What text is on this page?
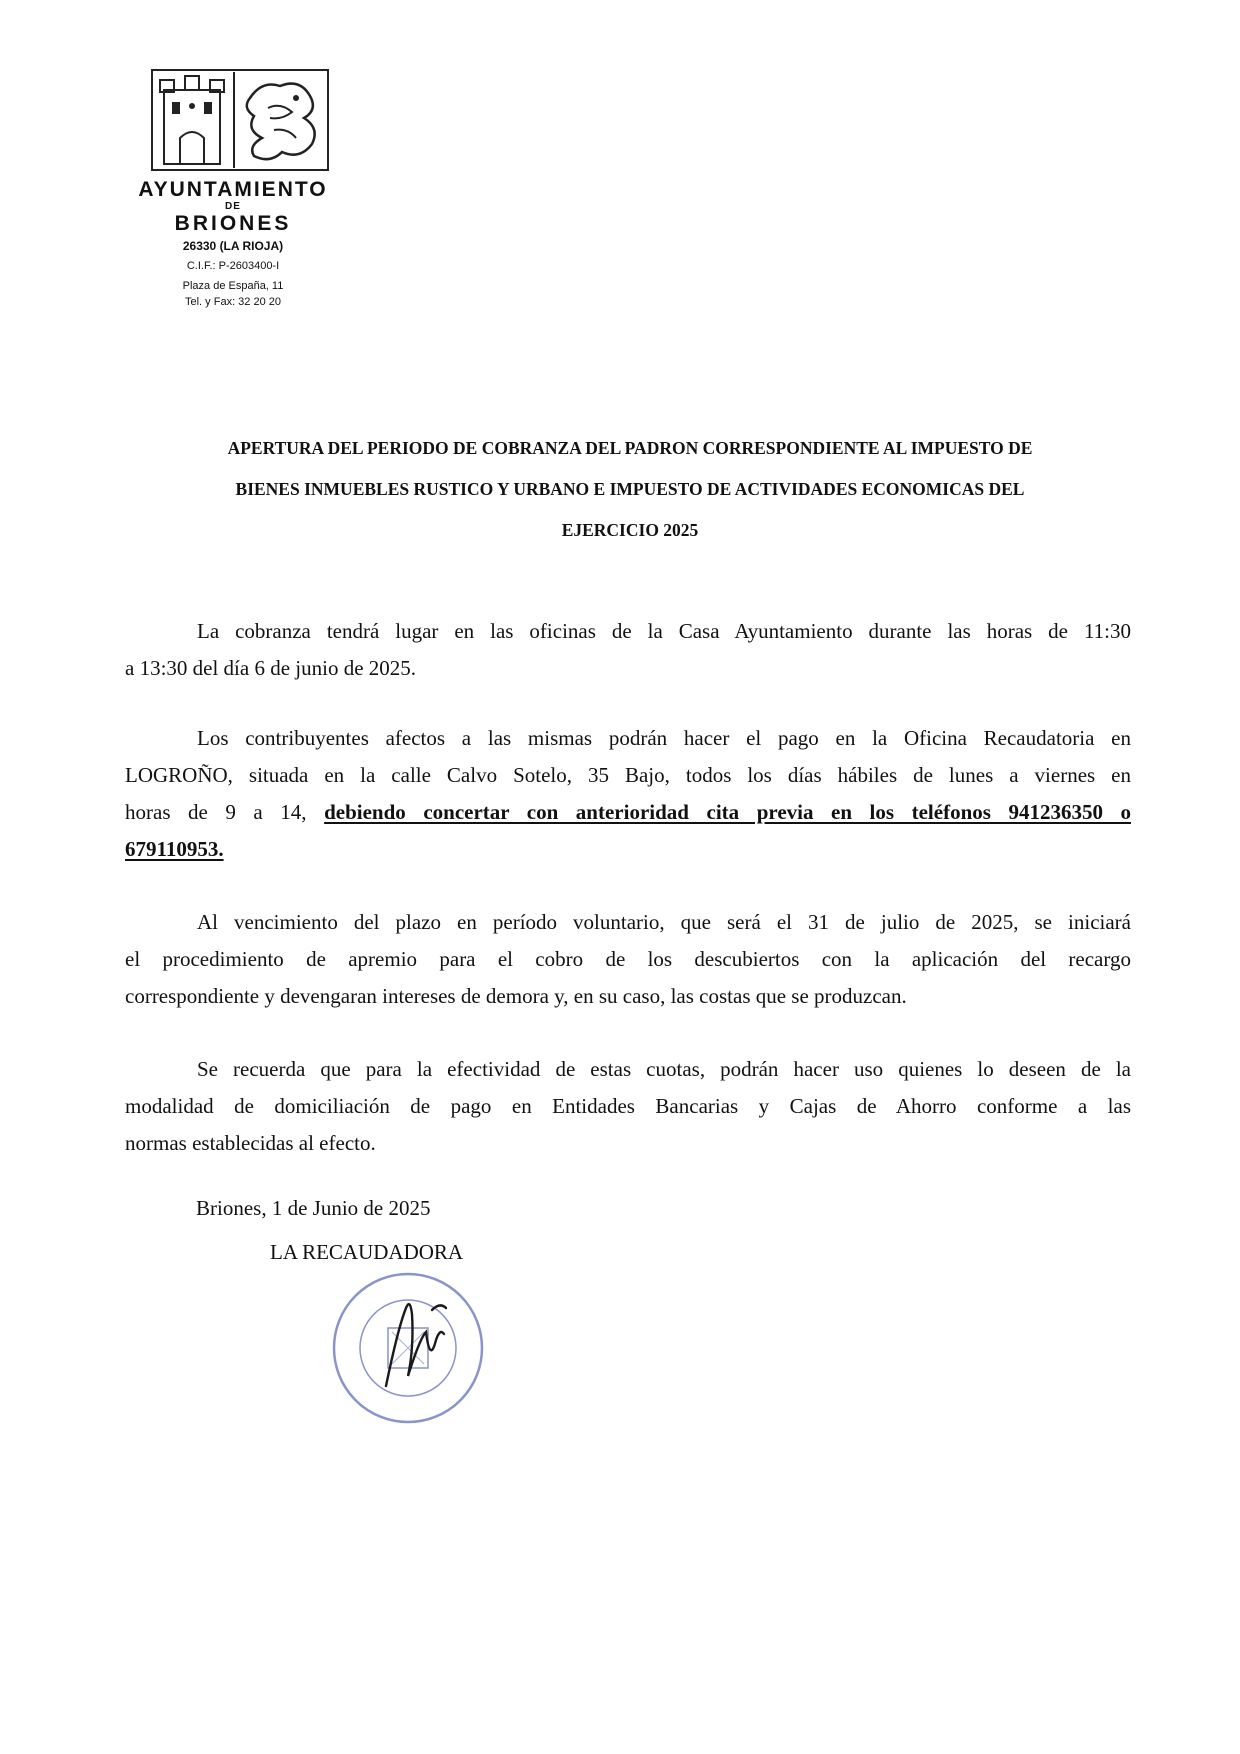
AYUNTAMIENTO
DE
BRIONES
26330 (LA RIOJA)
C.I.F.: P-2603400-I
Plaza de España, 11
Tel. y Fax: 32 20 20
APERTURA DEL PERIODO DE COBRANZA DEL PADRON CORRESPONDIENTE AL IMPUESTO DE
BIENES INMUEBLES RUSTICO Y URBANO E IMPUESTO DE ACTIVIDADES ECONOMICAS DEL
EJERCICIO 2025
La cobranza tendrá lugar en las oficinas de la Casa Ayuntamiento durante las horas de 11:30
a 13:30 del día 6 de junio de 2025.
Los contribuyentes afectos a las mismas podrán hacer el pago en la Oficina Recaudatoria en
LOGROÑO, situada en la calle Calvo Sotelo, 35 Bajo, todos los días hábiles de lunes a viernes en
horas de 9 a 14, debiendo concertar con anterioridad cita previa en los teléfonos 941236350 o
679110953.
Al vencimiento del plazo en período voluntario, que será el 31 de julio de 2025, se iniciará
el procedimiento de apremio para el cobro de los descubiertos con la aplicación del recargo
correspondiente y devengaran intereses de demora y, en su caso, las costas que se produzcan.
Se recuerda que para la efectividad de estas cuotas, podrán hacer uso quienes lo deseen de la
modalidad de domiciliación de pago en Entidades Bancarias y Cajas de Ahorro conforme a las
normas establecidas al efecto.
Briones, 1 de Junio de 2025
LA RECAUDADORA
